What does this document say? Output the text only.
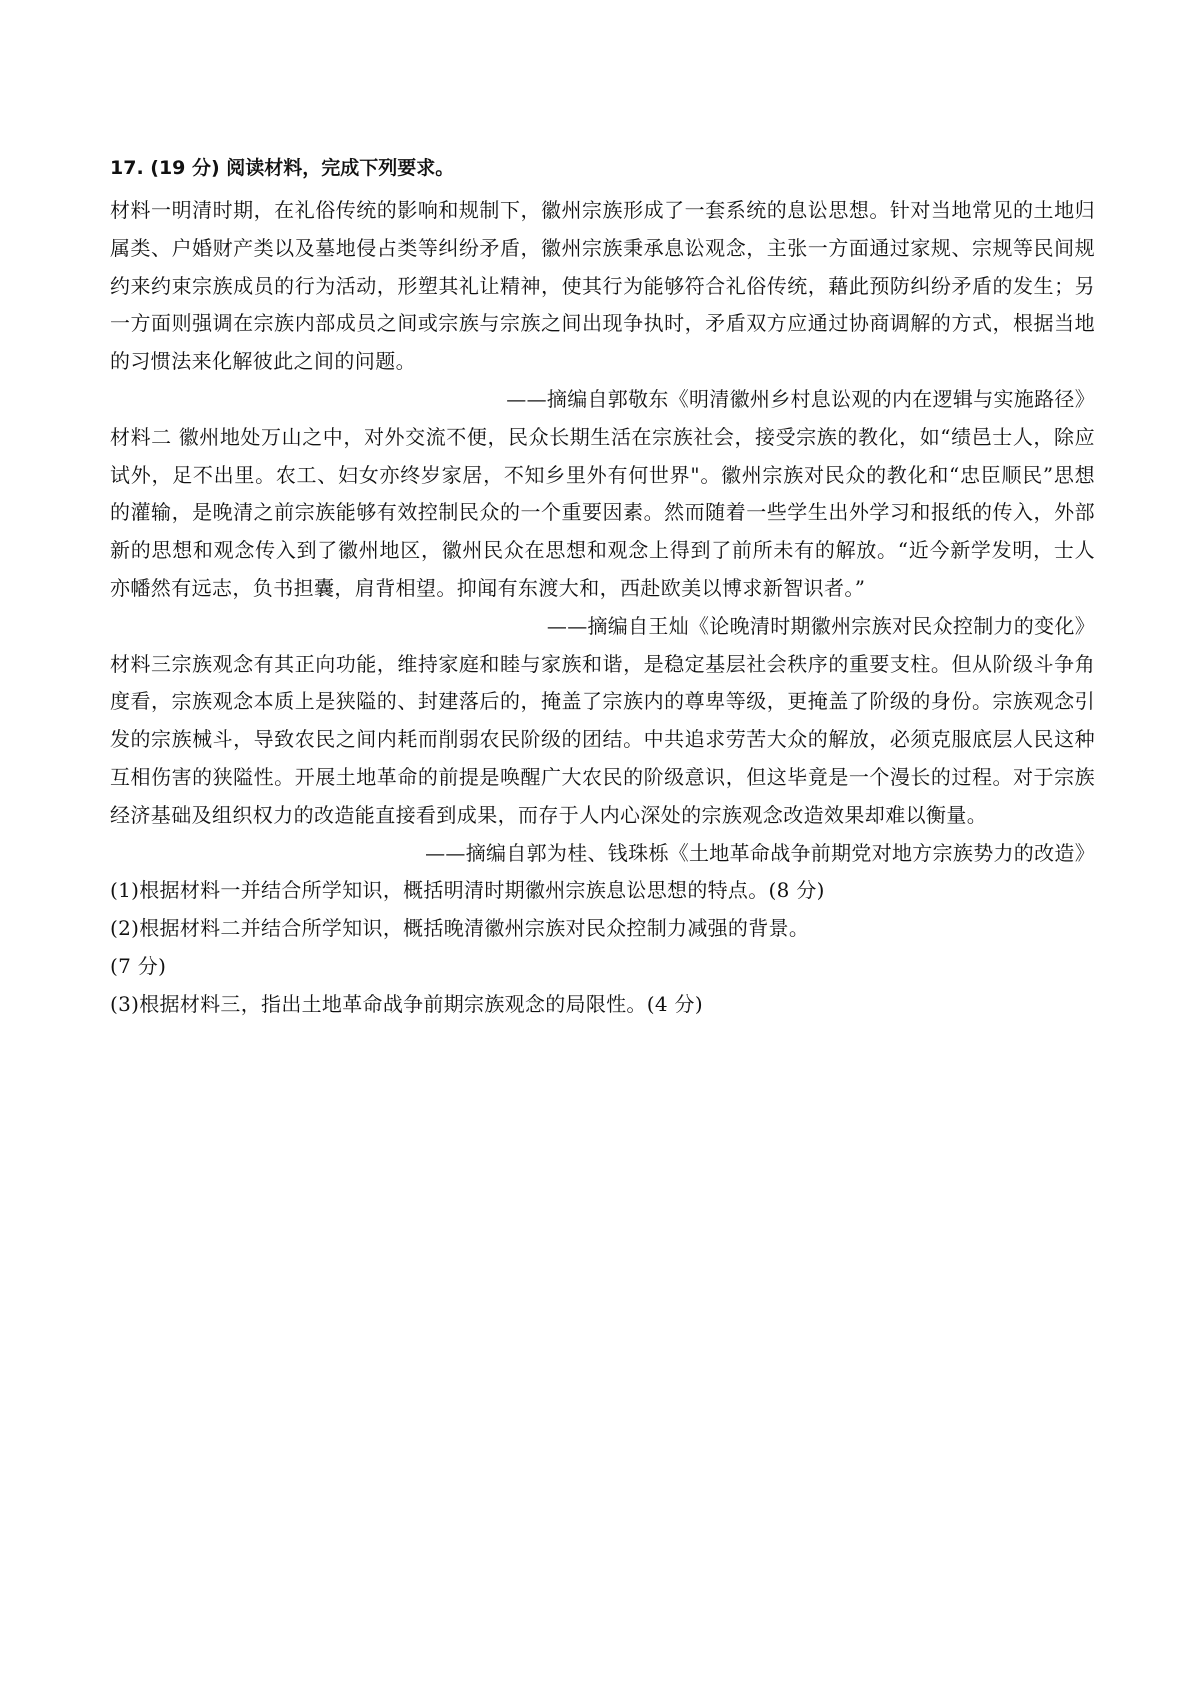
17. (19 分) 阅读材料，完成下列要求。

材料一明清时期，在礼俗传统的影响和规制下，徽州宗族形成了一套系统的息讼思想。针对当地常见的土地归属类、户婚财产类以及墓地侵占类等纠纷矛盾，徽州宗族秉承息讼观念，主张一方面通过家规、宗规等民间规约来约束宗族成员的行为活动，形塑其礼让精神，使其行为能够符合礼俗传统，藉此预防纠纷矛盾的发生；另一方面则强调在宗族内部成员之间或宗族与宗族之间出现争执时，矛盾双方应通过协商调解的方式，根据当地的习惯法来化解彼此之间的问题。

——摘编自郭敬东《明清徽州乡村息讼观的内在逻辑与实施路径》

材料二 徽州地处万山之中，对外交流不便，民众长期生活在宗族社会，接受宗族的教化，如“绩邑士人，除应试外，足不出里。农工、妇女亦终岁家居，不知乡里外有何世界"。徽州宗族对民众的教化和“忠臣顺民”思想的灌输，是晚清之前宗族能够有效控制民众的一个重要因素。然而随着一些学生出外学习和报纸的传入，外部新的思想和观念传入到了徽州地区，徽州民众在思想和观念上得到了前所未有的解放。“近今新学发明，士人亦幡然有远志，负书担囊，肩背相望。抑闻有东渡大和，西赴欧美以博求新智识者。”

——摘编自王灿《论晚清时期徽州宗族对民众控制力的变化》

材料三宗族观念有其正向功能，维持家庭和睦与家族和谐，是稳定基层社会秩序的重要支柱。但从阶级斗争角度看，宗族观念本质上是狭隘的、封建落后的，掩盖了宗族内的尊卑等级，更掩盖了阶级的身份。宗族观念引发的宗族械斗，导致农民之间内耗而削弱农民阶级的团结。中共追求劳苦大众的解放，必须克服底层人民这种互相伤害的狭隘性。开展土地革命的前提是唤醒广大农民的阶级意识，但这毕竟是一个漫长的过程。对于宗族经济基础及组织权力的改造能直接看到成果，而存于人内心深处的宗族观念改造效果却难以衡量。

——摘编自郭为桂、钱珠栎《土地革命战争前期党对地方宗族势力的改造》

(1)根据材料一并结合所学知识，概括明清时期徽州宗族息讼思想的特点。(8 分)

(2)根据材料二并结合所学知识，概括晚清徽州宗族对民众控制力减强的背景。

(7 分)

(3)根据材料三，指出土地革命战争前期宗族观念的局限性。(4 分)
